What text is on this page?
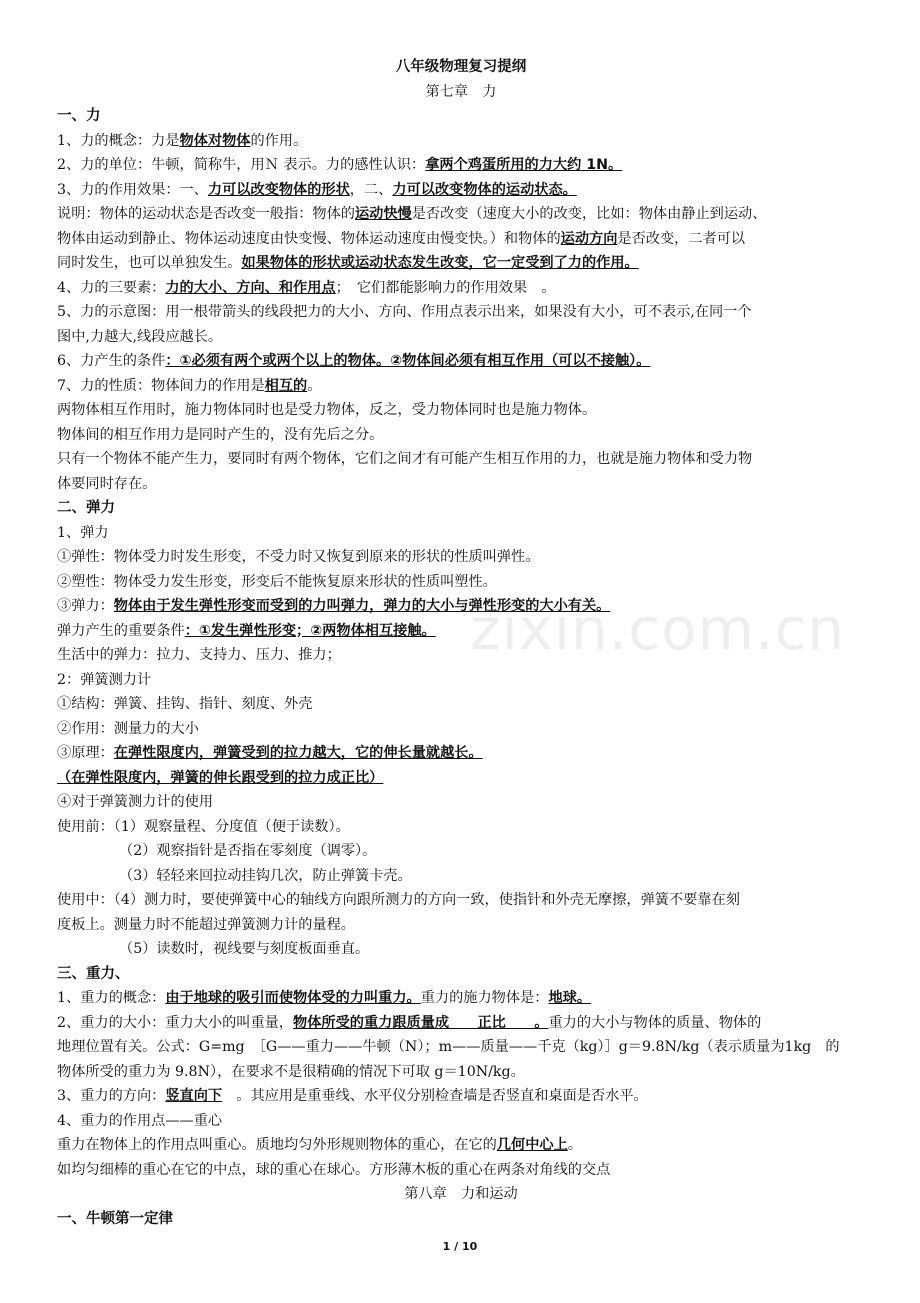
zixin.com.cn
八年级物理复习提纲
第七章　力
一、力
1、力的概念：力是物体对物体的作用。
2、力的单位：牛顿，简称牛，用Ｎ 表示。力的感性认识：拿两个鸡蛋所用的力大约 1N。
3、力的作用效果：一、力可以改变物体的形状，二、力可以改变物体的运动状态。
说明：物体的运动状态是否改变一般指：物体的运动快慢是否改变（速度大小的改变，比如：物体由静止到运动、
物体由运动到静止、物体运动速度由快变慢、物体运动速度由慢变快。）和物体的运动方向是否改变，二者可以
同时发生，也可以单独发生。如果物体的形状或运动状态发生改变，它一定受到了力的作用。
4、力的三要素：力的大小、方向、和作用点；　它们都能影响力的作用效果　。
5、力的示意图：用一根带箭头的线段把力的大小、方向、作用点表示出来，如果没有大小，可不表示,在同一个
图中,力越大,线段应越长。
6、力产生的条件：①必须有两个或两个以上的物体。②物体间必须有相互作用（可以不接触）。
7、力的性质：物体间力的作用是相互的。
两物体相互作用时，施力物体同时也是受力物体，反之，受力物体同时也是施力物体。
物体间的相互作用力是同时产生的，没有先后之分。
只有一个物体不能产生力，要同时有两个物体，它们之间才有可能产生相互作用的力，也就是施力物体和受力物
体要同时存在。
二、弹力
1、弹力
①弹性：物体受力时发生形变，不受力时又恢复到原来的形状的性质叫弹性。
②塑性：物体受力发生形变，形变后不能恢复原来形状的性质叫塑性。
③弹力：物体由于发生弹性形变而受到的力叫弹力，弹力的大小与弹性形变的大小有关。
弹力产生的重要条件：①发生弹性形变；②两物体相互接触。
生活中的弹力：拉力、支持力、压力、推力；
2：弹簧测力计
①结构：弹簧、挂钩、指针、刻度、外壳
②作用：测量力的大小
③原理：在弹性限度内，弹簧受到的拉力越大，它的伸长量就越长。
（在弹性限度内，弹簧的伸长跟受到的拉力成正比）
④对于弹簧测力计的使用
使用前：（1）观察量程、分度值（便于读数）。
（2）观察指针是否指在零刻度（调零）。
（3）轻轻来回拉动挂钩几次，防止弹簧卡壳。
使用中：（4）测力时，要使弹簧中心的轴线方向跟所测力的方向一致，使指针和外壳无摩擦，弹簧不要靠在刻
度板上。测量力时不能超过弹簧测力计的量程。
（5）读数时，视线要与刻度板面垂直。
三、重力、
1、重力的概念：由于地球的吸引而使物体受的力叫重力。重力的施力物体是：地球。
2、重力的大小：重力大小的叫重量，物体所受的重力跟质量成　　正比　　。重力的大小与物体的质量、物体的
地理位置有关。公式：G=mg　［G——重力——牛顿（N）；m——质量——千克（kg）］g＝9.8N/kg（表示质量为1kg　的
物体所受的重力为 9.8N），在要求不是很精确的情况下可取 g＝10N/kg。
3、重力的方向：竖直向下　。其应用是重垂线、水平仪分别检查墙是否竖直和桌面是否水平。
4、重力的作用点——重心
重力在物体上的作用点叫重心。质地均匀外形规则物体的重心，在它的几何中心上。
如均匀细棒的重心在它的中点，球的重心在球心。方形薄木板的重心在两条对角线的交点
第八章　力和运动
一、牛顿第一定律
1 / 10
